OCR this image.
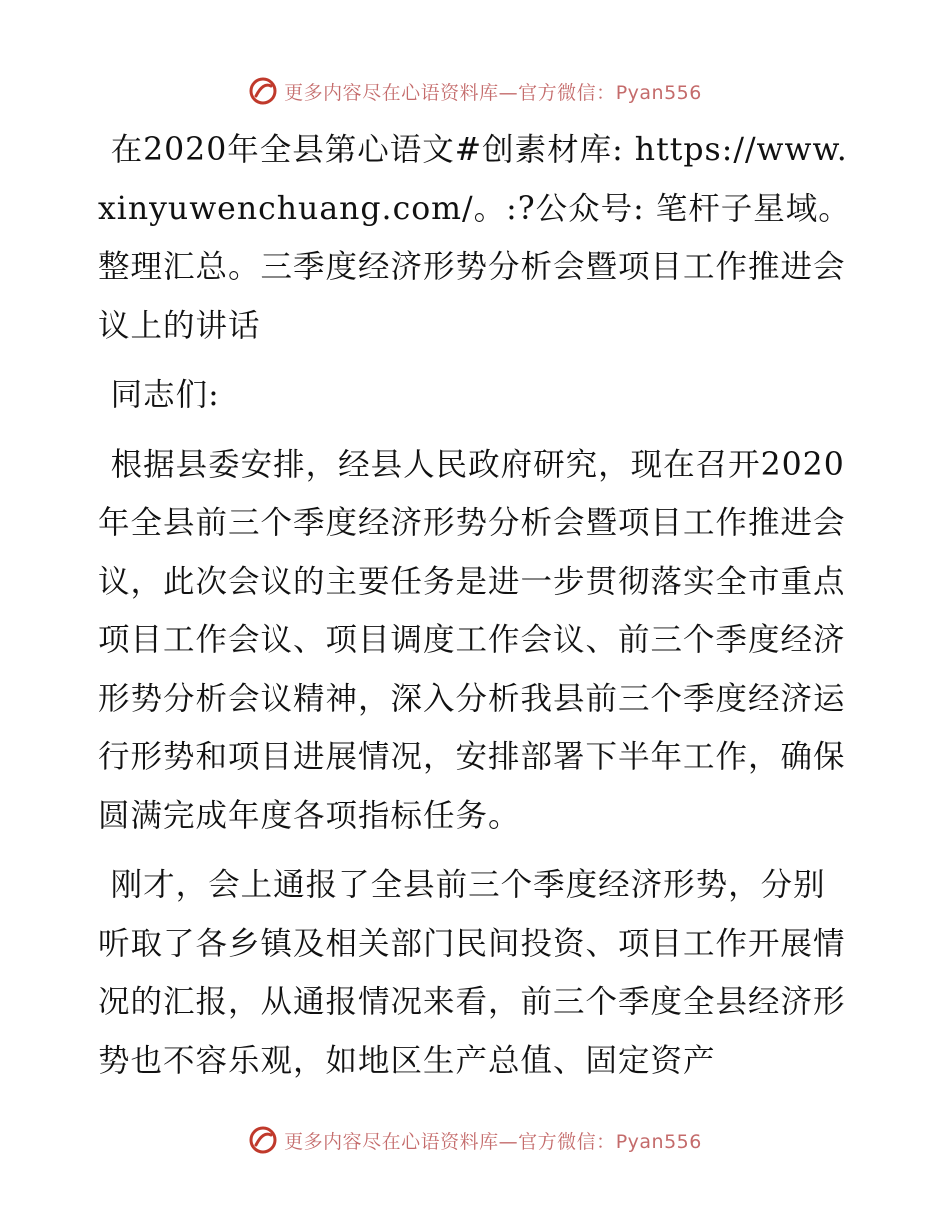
更多内容尽在心语资料库—官方微信：Pyan556

在2020年全县第心语文#创素材库: https://www.xinyuwenchuang.com/。:?公众号: 笔杆子星域。整理汇总。三季度经济形势分析会暨项目工作推进会议上的讲话

同志们:

根据县委安排，经县人民政府研究，现在召开2020年全县前三个季度经济形势分析会暨项目工作推进会议，此次会议的主要任务是进一步贯彻落实全市重点项目工作会议、项目调度工作会议、前三个季度经济形势分析会议精神，深入分析我县前三个季度经济运行形势和项目进展情况，安排部署下半年工作，确保圆满完成年度各项指标任务。

刚才，会上通报了全县前三个季度经济形势，分别听取了各乡镇及相关部门民间投资、项目工作开展情况的汇报，从通报情况来看，前三个季度全县经济形势也不容乐观，如地区生产总值、固定资产

更多内容尽在心语资料库—官方微信：Pyan556
